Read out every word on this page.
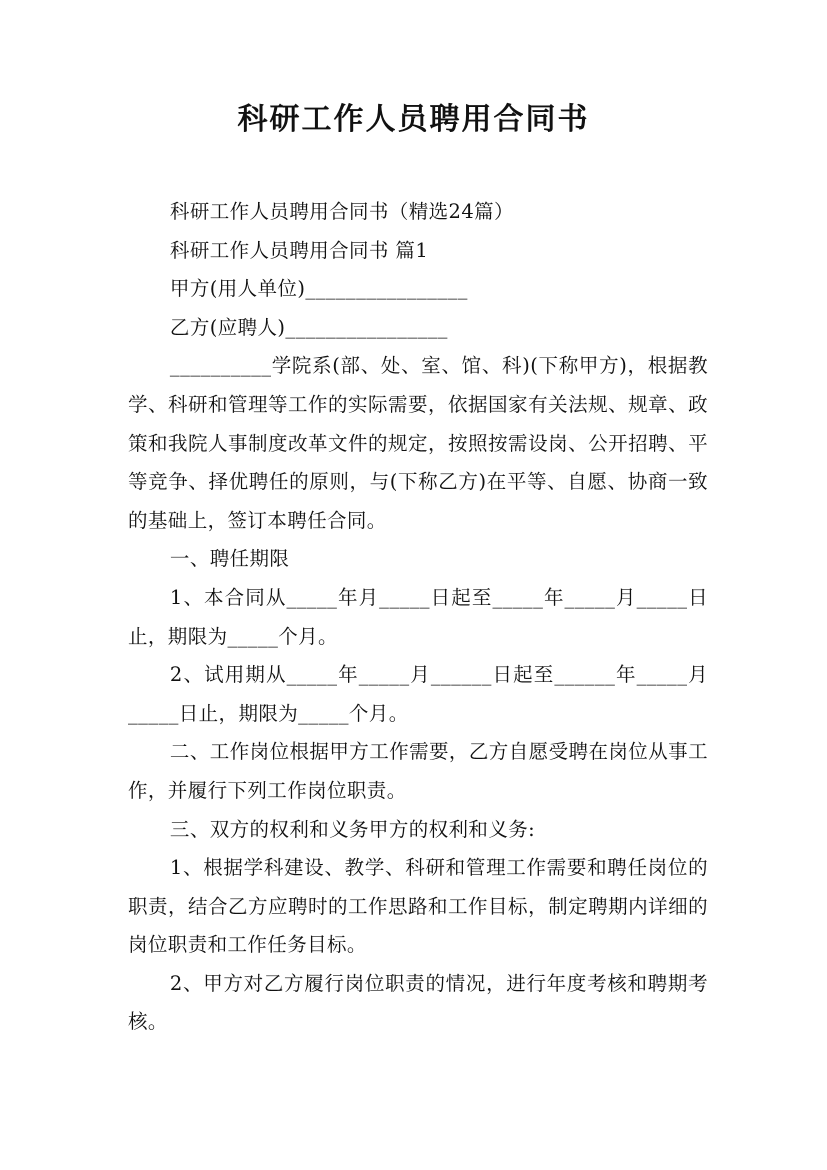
科研工作人员聘用合同书

科研工作人员聘用合同书（精选24篇）

科研工作人员聘用合同书 篇1

甲方(用人单位)________________

乙方(应聘人)________________

__________学院系(部、处、室、馆、科)(下称甲方)，根据教学、科研和管理等工作的实际需要，依据国家有关法规、规章、政策和我院人事制度改革文件的规定，按照按需设岗、公开招聘、平等竞争、择优聘任的原则，与(下称乙方)在平等、自愿、协商一致的基础上，签订本聘任合同。

一、聘任期限

1、本合同从_____年月_____日起至_____年_____月_____日止，期限为_____个月。

2、试用期从_____年_____月______日起至______年_____月_____日止，期限为_____个月。

二、工作岗位根据甲方工作需要，乙方自愿受聘在岗位从事工作，并履行下列工作岗位职责。

三、双方的权利和义务甲方的权利和义务:

1、根据学科建设、教学、科研和管理工作需要和聘任岗位的职责，结合乙方应聘时的工作思路和工作目标，制定聘期内详细的岗位职责和工作任务目标。

2、甲方对乙方履行岗位职责的情况，进行年度考核和聘期考核。
